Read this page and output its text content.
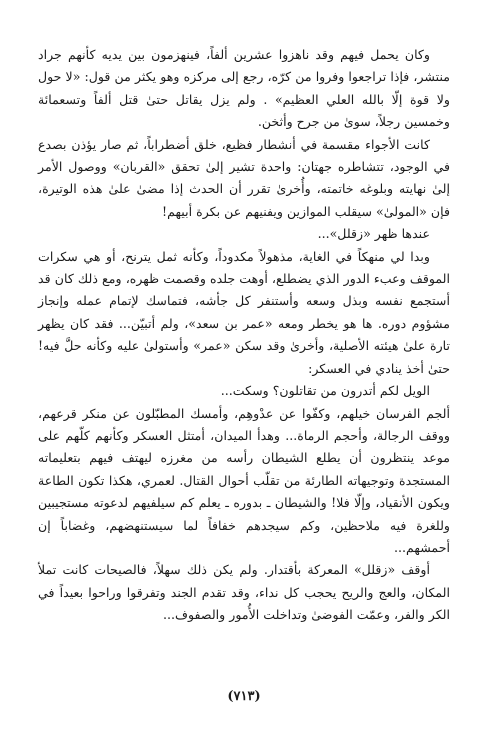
وكان يحمل فيهم وقد ناهزوا عشرين ألفاً، فينهزمون بين يديه كأنهم جراد منتشر، فإذا تراجعوا وفروا من كرّه، رجع إلى مركزه وهو يكثر من قول: «لا حول ولا قوة إلّا بالله العلي العظيم» . ولم يزل يقاتل حتىٰ قتل ألفاً وتسعمائة وخمسين رجلاً، سوىٰ من جرح وأثخن.

كانت الأجواء مقسمة في أنشطار فظيع، خلق أضطراباً، ثم صار يؤذن بصدع في الوجود، تتشاطره جهتان: واحدة تشير إلىٰ تحقق «القربان» ووصول الأمر إلىٰ نهايته وبلوغه خاتمته، وأُخرىٰ تقرر أن الحدث إذا مضىٰ علىٰ هذه الوتيرة، فإن «المولىٰ» سيقلب الموازين ويفنيهم عن بكرة أبيهم!

عندها ظهر «زقلل»...

وبدا لي منهكاً في الغاية، مذهولاً مكدوداً، وكأنه ثمل يترنح، أو هي سكرات الموقف وعبء الدور الذي يضطلع، أوهت جلده وقصمت ظهره، ومع ذلك كان قد أستجمع نفسه وبذل وسعه وأستنفر كل جأشه، فتماسك لإتمام عمله وإنجاز مشؤوم دوره. ها هو يخطر ومعه «عمر بن سعد»، ولم أتبيّن... فقد كان يظهر تارة علىٰ هيئته الأصلية، وأخرىٰ وقد سكن «عمر» وأستولىٰ عليه وكأنه حلَّ فيه! حتىٰ أخذ ينادي في العسكر:

الويل لكم أتدرون من تقاتلون؟ وسكت...

ألجم الفرسان خيلهم، وكفّوا عن عدْوهِم، وأمسك المطبّلون عن منكر قرعهم، ووقف الرجالة، وأحجم الرماة... وهدأ الميدان، أمتثل العسكر وكأنهم كلّهم على موعد ينتظرون أن يطلع الشيطان رأسه من مغرزه ليهتف فيهم بتعليماته المستجدة وتوجيهاته الطارئة من تقلّب أحوال القتال. لعمري، هكذا تكون الطاعة ويكون الأنقياد، وإلّا فلا! والشيطان ـ بدوره ـ يعلم كم سيلفيهم لدعوته مستجيبين وللغرة فيه ملاحظين، وكم سيجدهم خفافاً لما سيستنهضهم، وغضاباً إن أحمشهم...

أوقف «زقلل» المعركة بأقتدار. ولم يكن ذلك سهلاً، فالصيحات كانت تملأ المكان، والعج والريح يحجب كل نداء، وقد تقدم الجند وتفرقوا وراحوا بعيداً في الكر والفر، وعمّت الفوضىٰ وتداخلت الأُمور والصفوف...

(٧١٣)
